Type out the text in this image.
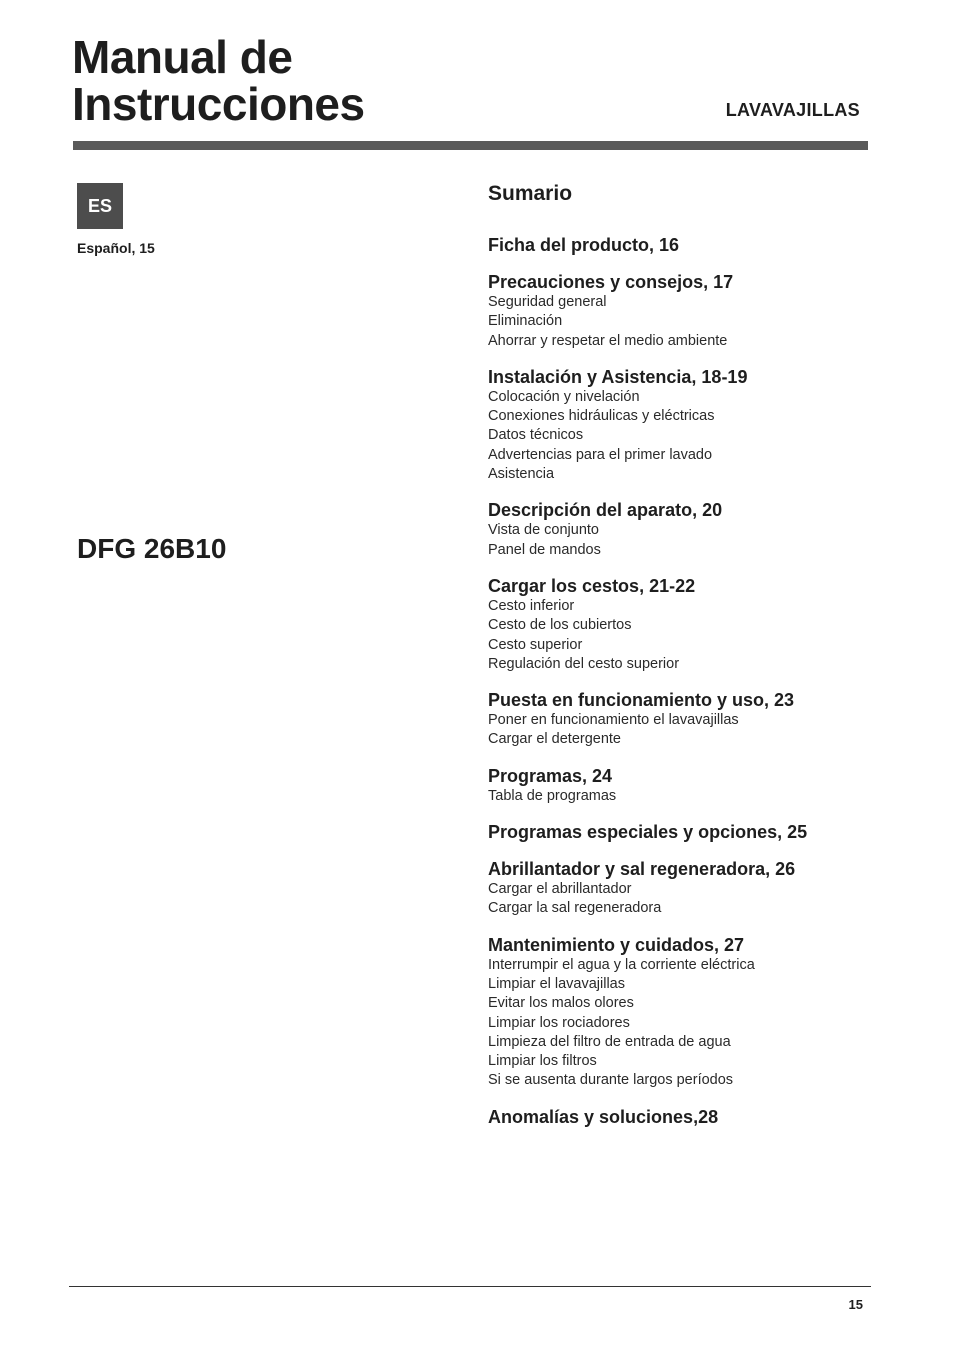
Manual de
Instrucciones	LAVAVAJILLAS
ES
Español, 15
DFG 26B10
Sumario
Ficha del producto, 16
Precauciones y consejos, 17
Seguridad general
Eliminación
Ahorrar y respetar el medio ambiente
Instalación y Asistencia, 18-19
Colocación y nivelación
Conexiones hidráulicas y eléctricas
Datos técnicos
Advertencias para el primer lavado
Asistencia
Descripción del aparato, 20
Vista de conjunto
Panel de mandos
Cargar los cestos, 21-22
Cesto inferior
Cesto de los cubiertos
Cesto superior
Regulación del cesto superior
Puesta en funcionamiento y uso, 23
Poner en funcionamiento el lavavajillas
Cargar el detergente
Programas, 24
Tabla de programas
Programas especiales y opciones, 25
Abrillantador y sal regeneradora, 26
Cargar el abrillantador
Cargar la sal regeneradora
Mantenimiento y cuidados, 27
Interrumpir el agua y la corriente eléctrica
Limpiar el lavavajillas
Evitar los malos olores
Limpiar los rociadores
Limpieza del filtro de entrada de agua
Limpiar los filtros
Si se ausenta durante largos períodos
Anomalías y soluciones,28
15
